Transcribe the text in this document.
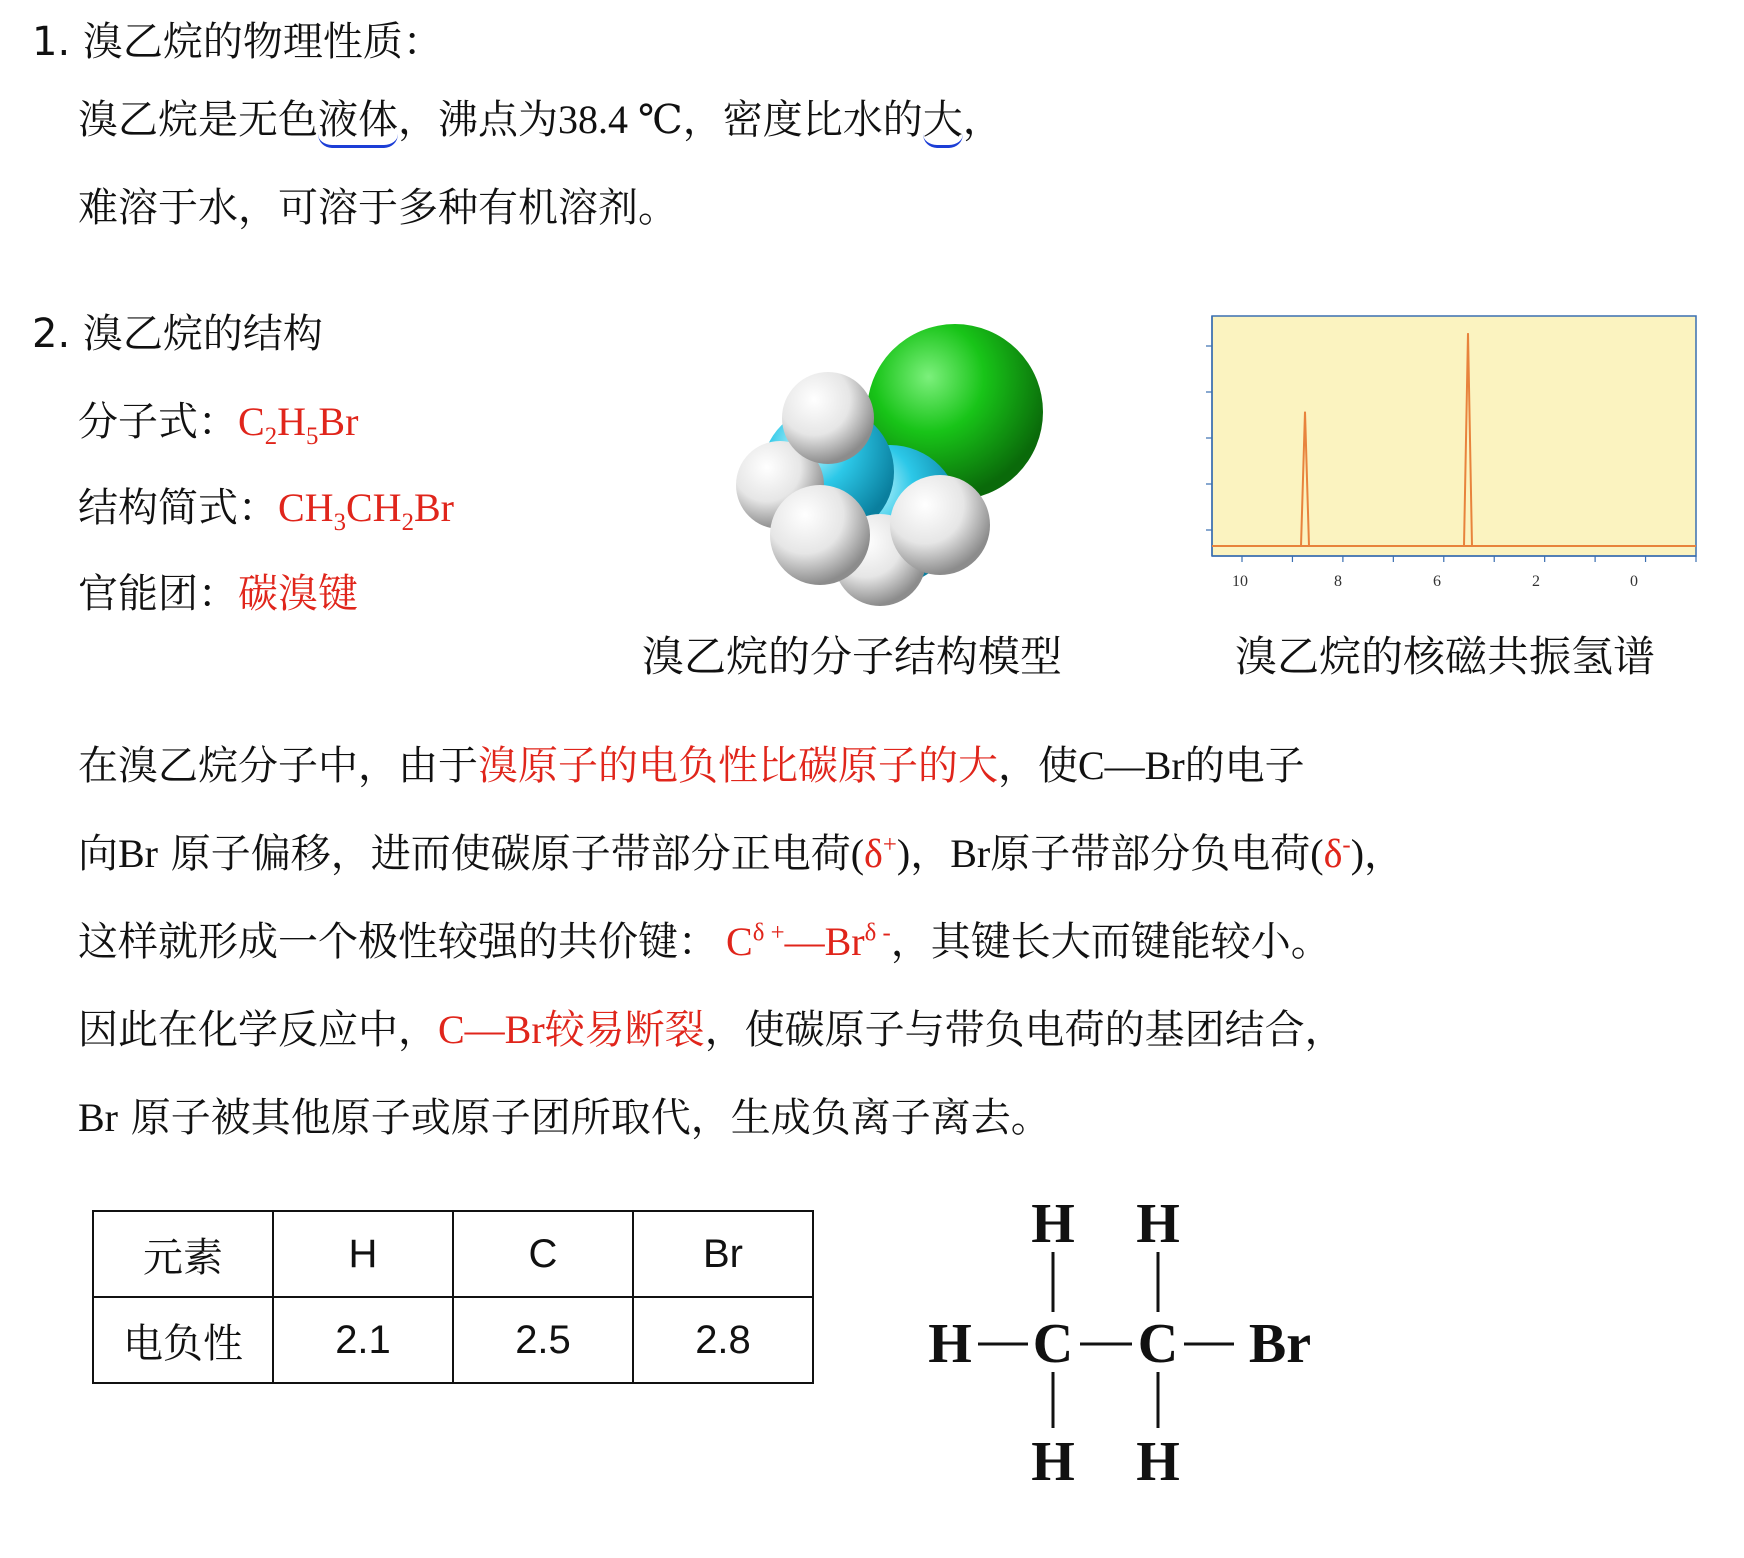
1. 溴乙烷的物理性质：
溴乙烷是无色液体，沸点为38.4 ℃，密度比水的大，
难溶于水，可溶于多种有机溶剂。
2. 溴乙烷的结构
分子式：$C_2H_5Br$
结构简式：$CH_3CH_2Br$
官能团：碳溴键	10	8	6	2	0
溴乙烷的分子结构模型	溴乙烷的核磁共振氢谱
在溴乙烷分子中，由于溴原子的电负性比碳原子的大，使C—Br的电子
向Br 原子偏移，进而使碳原子带部分正电荷(δ+)，Br原子带部分负电荷(δ-)，
这样就形成一个极性较强的共价键： $C^{\delta +}—Br^{\delta -}$，其键长大而键能较小。
因此在化学反应中，C—Br较易断裂，使碳原子与带负电荷的基团结合，
Br 原子被其他原子或原子团所取代，生成负离子离去。
元素	H	C	Br
电负性	2.1	2.5	2.8
H H
H C C Br
H H
